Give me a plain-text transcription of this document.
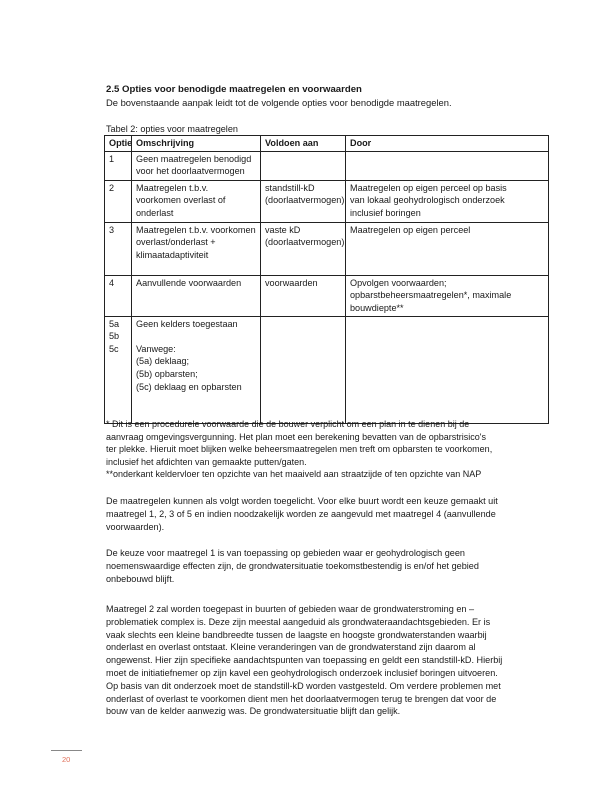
2.5 Opties voor benodigde maatregelen en voorwaarden
De bovenstaande aanpak leidt tot de volgende opties voor benodigde maatregelen.
Tabel 2: opties voor maatregelen
Optie	Omschrijving	Voldoen aan	Door

1	Geen maatregelen benodigd
voor het doorlaatvermogen		

2	Maatregelen t.b.v.
voorkomen overlast of
onderlast	standstill-kD
(doorlaatvermogen)	Maatregelen op eigen perceel op basis
van lokaal geohydrologisch onderzoek
inclusief boringen

3	Maatregelen t.b.v. voorkomen
overlast/onderlast +
klimaatadaptiviteit	vaste kD
(doorlaatvermogen)	Maatregelen op eigen perceel

4	Aanvullende voorwaarden	voorwaarden	Opvolgen voorwaarden;
opbarstbeheersmaatregelen*, maximale
bouwdiepte**

5a
5b
5c	Geen kelders toegestaan
Vanwege:
(5a) deklaag;
(5b) opbarsten;
(5c) deklaag en opbarsten		

* Dit is een procedurele voorwaarde die de bouwer verplicht om een plan in te dienen bij de
aanvraag omgevingsvergunning. Het plan moet een berekening bevatten van de opbarstrisico's
ter plekke. Hieruit moet blijken welke beheersmaatregelen men treft om opbarsten te voorkomen,
inclusief het afdichten van gemaakte putten/gaten.
**onderkant keldervloer ten opzichte van het maaiveld aan straatzijde of ten opzichte van NAP
De maatregelen kunnen als volgt worden toegelicht. Voor elke buurt wordt een keuze gemaakt uit
maatregel 1, 2, 3 of 5 en indien noodzakelijk worden ze aangevuld met maatregel 4 (aanvullende
voorwaarden).
De keuze voor maatregel 1 is van toepassing op gebieden waar er geohydrologisch geen
noemenswaardige effecten zijn, de grondwatersituatie toekomstbestendig is en/of het gebied
onbebouwd blijft.
Maatregel 2 zal worden toegepast in buurten of gebieden waar de grondwaterstroming en –
problematiek complex is. Deze zijn meestal aangeduid als grondwateraandachtsgebieden. Er is
vaak slechts een kleine bandbreedte tussen de laagste en hoogste grondwaterstanden waarbij
onderlast en overlast ontstaat. Kleine veranderingen van de grondwaterstand zijn daarom al
ongewenst. Hier zijn specifieke aandachtspunten van toepassing en geldt een standstill-kD. Hierbij
moet de initiatiefnemer op zijn kavel een geohydrologisch onderzoek inclusief boringen uitvoeren.
Op basis van dit onderzoek moet de standstill-kD worden vastgesteld. Om verdere problemen met
onderlast of overlast te voorkomen dient men het doorlaatvermogen terug te brengen dat voor de
bouw van de kelder aanwezig was. De grondwatersituatie blijft dan gelijk.
20
